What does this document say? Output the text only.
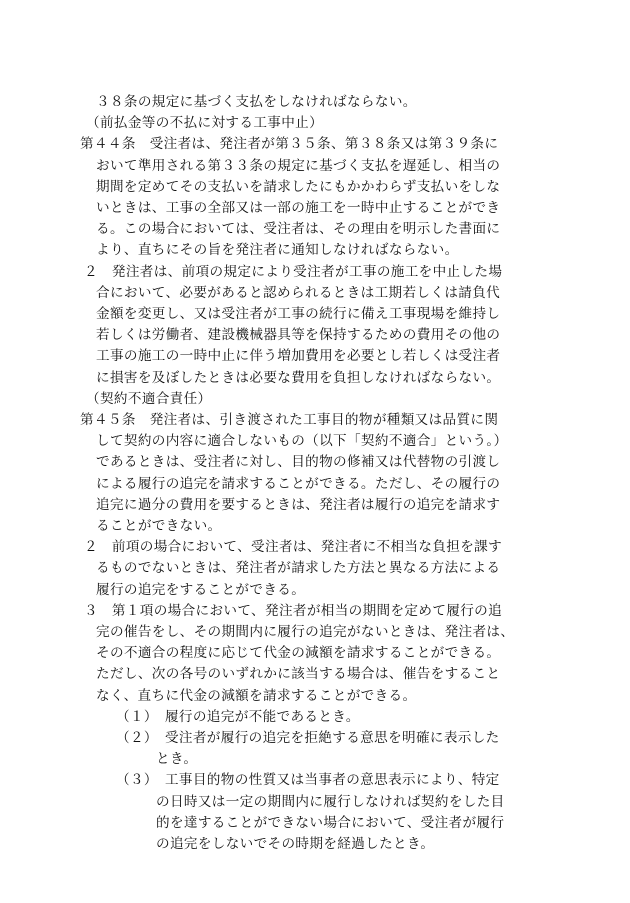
３８条の規定に基づく支払をしなければならない。
（前払金等の不払に対する工事中止）
第４４条　受注者は、発注者が第３５条、第３８条又は第３９条に
おいて準用される第３３条の規定に基づく支払を遅延し、相当の
期間を定めてその支払いを請求したにもかかわらず支払いをしな
いときは、工事の全部又は一部の施工を一時中止することができ
る。この場合においては、受注者は、その理由を明示した書面に
より、直ちにその旨を発注者に通知しなければならない。
２　発注者は、前項の規定により受注者が工事の施工を中止した場
合において、必要があると認められるときは工期若しくは請負代
金額を変更し、又は受注者が工事の続行に備え工事現場を維持し
若しくは労働者、建設機械器具等を保持するための費用その他の
工事の施工の一時中止に伴う増加費用を必要とし若しくは受注者
に損害を及ぼしたときは必要な費用を負担しなければならない。
（契約不適合責任）
第４５条　発注者は、引き渡された工事目的物が種類又は品質に関
して契約の内容に適合しないもの（以下「契約不適合」という。）
であるときは、受注者に対し、目的物の修補又は代替物の引渡し
による履行の追完を請求することができる。ただし、その履行の
追完に過分の費用を要するときは、発注者は履行の追完を請求す
ることができない。
２　前項の場合において、受注者は、発注者に不相当な負担を課す
るものでないときは、発注者が請求した方法と異なる方法による
履行の追完をすることができる。
３　第１項の場合において、発注者が相当の期間を定めて履行の追
完の催告をし、その期間内に履行の追完がないときは、発注者は、
その不適合の程度に応じて代金の減額を請求することができる。
ただし、次の各号のいずれかに該当する場合は、催告をすること
なく、直ちに代金の減額を請求することができる。
（１）　履行の追完が不能であるとき。
（２）　受注者が履行の追完を拒絶する意思を明確に表示した
とき。
（３）　工事目的物の性質又は当事者の意思表示により、特定
の日時又は一定の期間内に履行しなければ契約をした目
的を達することができない場合において、受注者が履行
の追完をしないでその時期を経過したとき。
